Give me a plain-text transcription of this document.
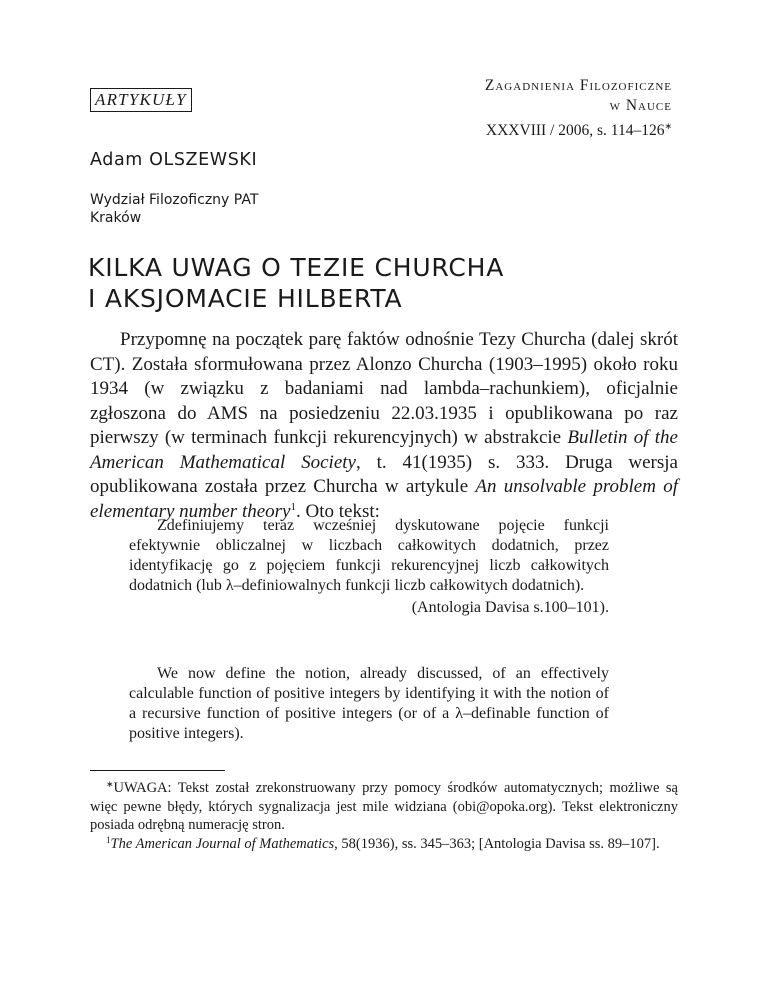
ARTYKUŁY
Zagadnienia Filozoficzne
w Nauce
XXXVIII / 2006, s. 114–126∗
Adam OLSZEWSKI
Wydział Filozoficzny PAT
Kraków
KILKA UWAG O TEZIE CHURCHA
I AKSJOMACIE HILBERTA

Przypomnę na początek parę faktów odnośnie Tezy Churcha (dalej skrót CT). Została sformułowana przez Alonzo Churcha (1903–1995) około roku 1934 (w związku z badaniami nad lambda–rachunkiem), oficjalnie zgłoszona do AMS na posiedzeniu 22.03.1935 i opublikowana po raz pierwszy (w terminach funkcji rekurencyjnych) w abstrakcie Bulletin of the American Mathematical Society, t. 41(1935) s. 333. Druga wersja opublikowana została przez Churcha w artykule An unsolvable problem of elementary number theory$^1$. Oto tekst:

Zdefiniujemy teraz wcześniej dyskutowane pojęcie funkcji efektywnie obliczalnej w liczbach całkowitych dodatnich, przez identyfikację go z pojęciem funkcji rekurencyjnej liczb całkowitych dodatnich (lub λ–definiowalnych funkcji liczb całkowitych dodatnich).

(Antologia Davisa s.100–101).

We now define the notion, already discussed, of an effectively calculable function of positive integers by identifying it with the notion of a recursive function of positive integers (or of a λ–definable function of positive integers).

∗UWAGA: Tekst został zrekonstruowany przy pomocy środków automatycznych; możliwe są więc pewne błędy, których sygnalizacja jest mile widziana (obi@opoka.org). Tekst elektroniczny posiada odrębną numerację stron.

$^1$The American Journal of Mathematics, 58(1936), ss. 345–363; [Antologia Davisa ss. 89–107].
